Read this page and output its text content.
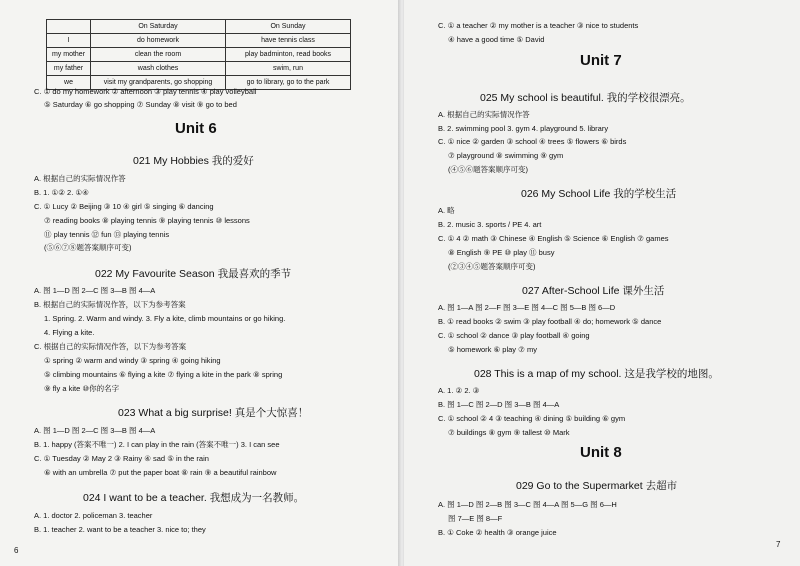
	On Saturday	On Sunday
I	do homework	have tennis class
my mother	clean the room	play badminton, read books
my father	wash clothes	swim, run
we	visit my grandparents, go shopping	go to library, go to the park
C. ① do my homework ② afternoon ③ play tennis ④ play volleyball
⑤ Saturday ⑥ go shopping ⑦ Sunday ⑧ visit ⑨ go to bed
Unit 6
021 My Hobbies 我的爱好
A. 根据自己的实际情况作答
B. 1. ①② 2. ①④
C. ① Lucy ② Beijing ③ 10 ④ girl ⑤ singing ⑥ dancing
⑦ reading books ⑧ playing tennis ⑨ playing tennis ⑩ lessons
⑪ play tennis ⑫ fun ⑬ playing tennis
(⑤⑥⑦⑧题答案顺序可变)
022 My Favourite Season 我最喜欢的季节
A. 图 1—D 图 2—C 图 3—B 图 4—A
B. 根据自己的实际情况作答，以下为参考答案
1. Spring. 2. Warm and windy. 3. Fly a kite, climb mountains or go hiking.
4. Flying a kite.
C. 根据自己的实际情况作答，以下为参考答案
① spring ② warm and windy ③ spring ④ going hiking
⑤ climbing mountains ⑥ flying a kite ⑦ flying a kite in the park ⑧ spring
⑨ fly a kite ⑩你的名字
023 What a big surprise! 真是个大惊喜！
A. 图 1—D 图 2—C 图 3—B 图 4—A
B. 1. happy (答案不唯一) 2. I can play in the rain (答案不唯一) 3. I can see
C. ① Tuesday ② May 2 ③ Rainy ④ sad ⑤ in the rain
⑥ with an umbrella ⑦ put the paper boat ⑧ rain ⑨ a beautiful rainbow
024 I want to be a teacher. 我想成为一名教师。
A. 1. doctor 2. policeman 3. teacher
B. 1. teacher 2. want to be a teacher 3. nice to; they
6
C. ① a teacher ② my mother is a teacher ③ nice to students
④ have a good time ⑤ David
Unit 7
025 My school is beautiful. 我的学校很漂亮。
A. 根据自己的实际情况作答
B. 2. swimming pool 3. gym 4. playground 5. library
C. ① nice ② garden ③ school ④ trees ⑤ flowers ⑥ birds
⑦ playground ⑧ swimming ⑨ gym
(④⑤⑥题答案顺序可变)
026 My School Life 我的学校生活
A. 略
B. 2. music 3. sports / PE 4. art
C. ① 4 ② math ③ Chinese ④ English ⑤ Science ⑥ English ⑦ games
⑧ English ⑨ PE ⑩ play ⑪ busy
(②③④⑤题答案顺序可变)
027 After-School Life 课外生活
A. 图 1—A 图 2—F 图 3—E 图 4—C 图 5—B 图 6—D
B. ① read books ② swim ③ play football ④ do; homework ⑤ dance
C. ① school ② dance ③ play football ④ going
⑤ homework ⑥ play ⑦ my
028 This is a map of my school. 这是我学校的地图。
A. 1. ② 2. ③
B. 图 1—C 图 2—D 图 3—B 图 4—A
C. ① school ② 4 ③ teaching ④ dining ⑤ building ⑥ gym
⑦ buildings ⑧ gym ⑨ tallest ⑩ Mark
Unit 8
029 Go to the Supermarket 去超市
A. 图 1—D 图 2—B 图 3—C 图 4—A 图 5—G 图 6—H
图 7—E 图 8—F
B. ① Coke ② health ③ orange juice
7
